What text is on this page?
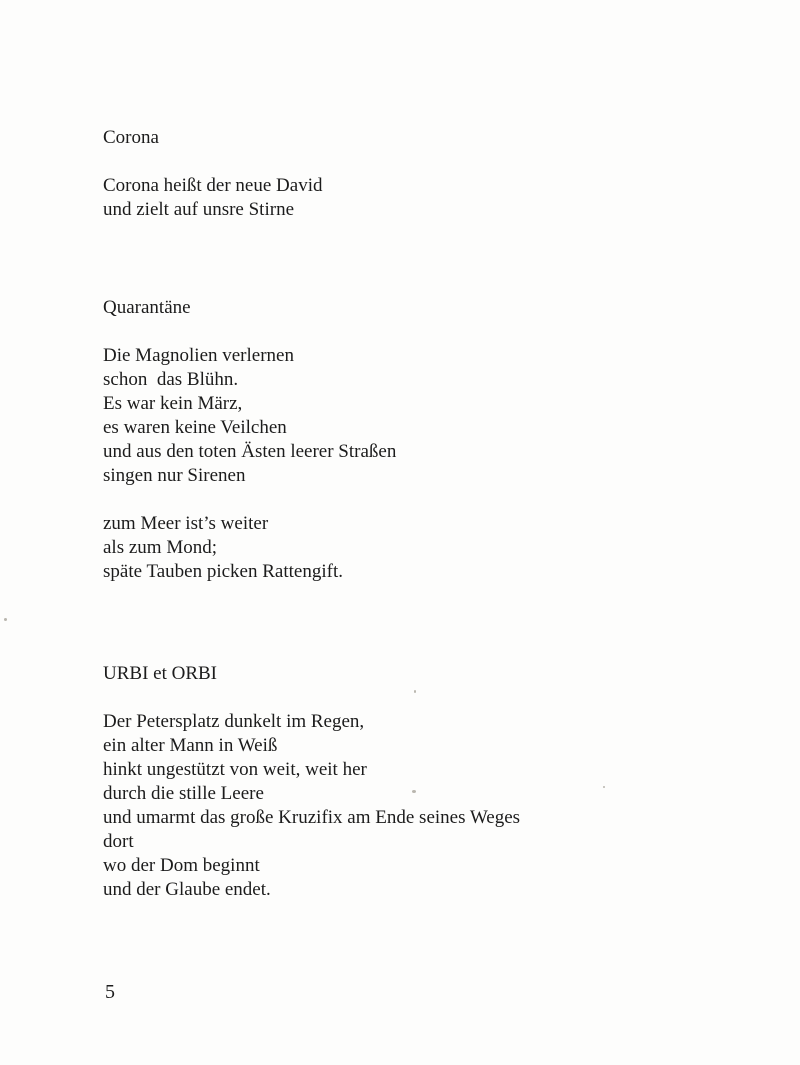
Corona
Corona heißt der neue David
und zielt auf unsre Stirne
Quarantäne
Die Magnolien verlernen
schon  das Blühn.
Es war kein März,
es waren keine Veilchen
und aus den toten Ästen leerer Straßen
singen nur Sirenen
zum Meer ist’s weiter
als zum Mond;
späte Tauben picken Rattengift.
URBI et ORBI
Der Petersplatz dunkelt im Regen,
ein alter Mann in Weiß
hinkt ungestützt von weit, weit her
durch die stille Leere
und umarmt das große Kruzifix am Ende seines Weges
dort
wo der Dom beginnt
und der Glaube endet.

5
